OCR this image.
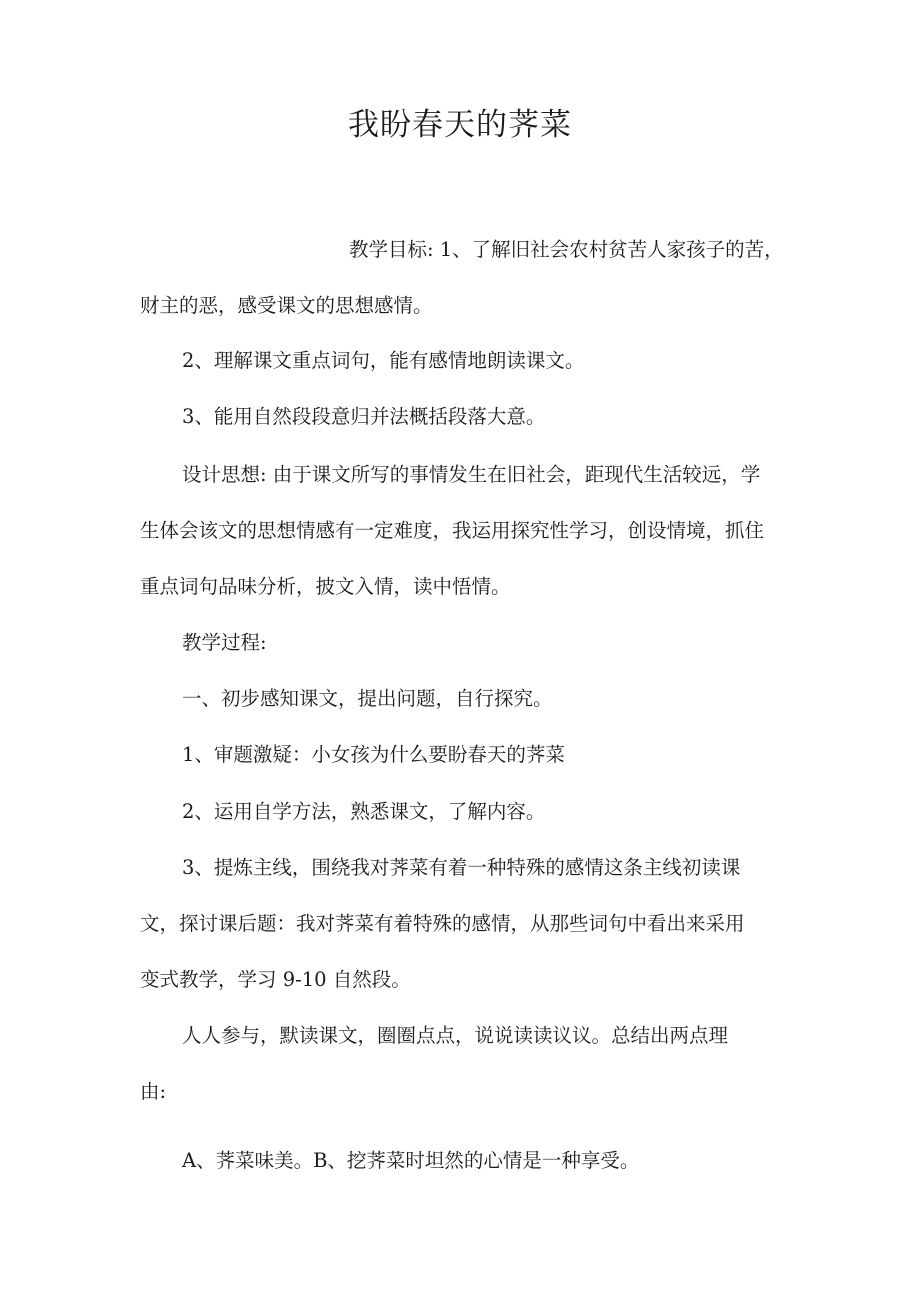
我盼春天的荠菜

教学目标: 1、了解旧社会农村贫苦人家孩子的苦，

财主的恶，感受课文的思想感情。

2、理解课文重点词句，能有感情地朗读课文。

3、能用自然段段意归并法概括段落大意。

设计思想: 由于课文所写的事情发生在旧社会，距现代生活较远，学

生体会该文的思想情感有一定难度，我运用探究性学习，创设情境，抓住

重点词句品味分析，披文入情，读中悟情。

教学过程:

一、初步感知课文，提出问题，自行探究。

1、审题激疑：小女孩为什么要盼春天的荠菜

2、运用自学方法，熟悉课文，了解内容。

3、提炼主线，围绕我对荠菜有着一种特殊的感情这条主线初读课

文，探讨课后题：我对荠菜有着特殊的感情，从那些词句中看出来采用

变式教学，学习 9-10 自然段。

人人参与，默读课文，圈圈点点，说说读读议议。总结出两点理

由:

A、荠菜味美。B、挖荠菜时坦然的心情是一种享受。
